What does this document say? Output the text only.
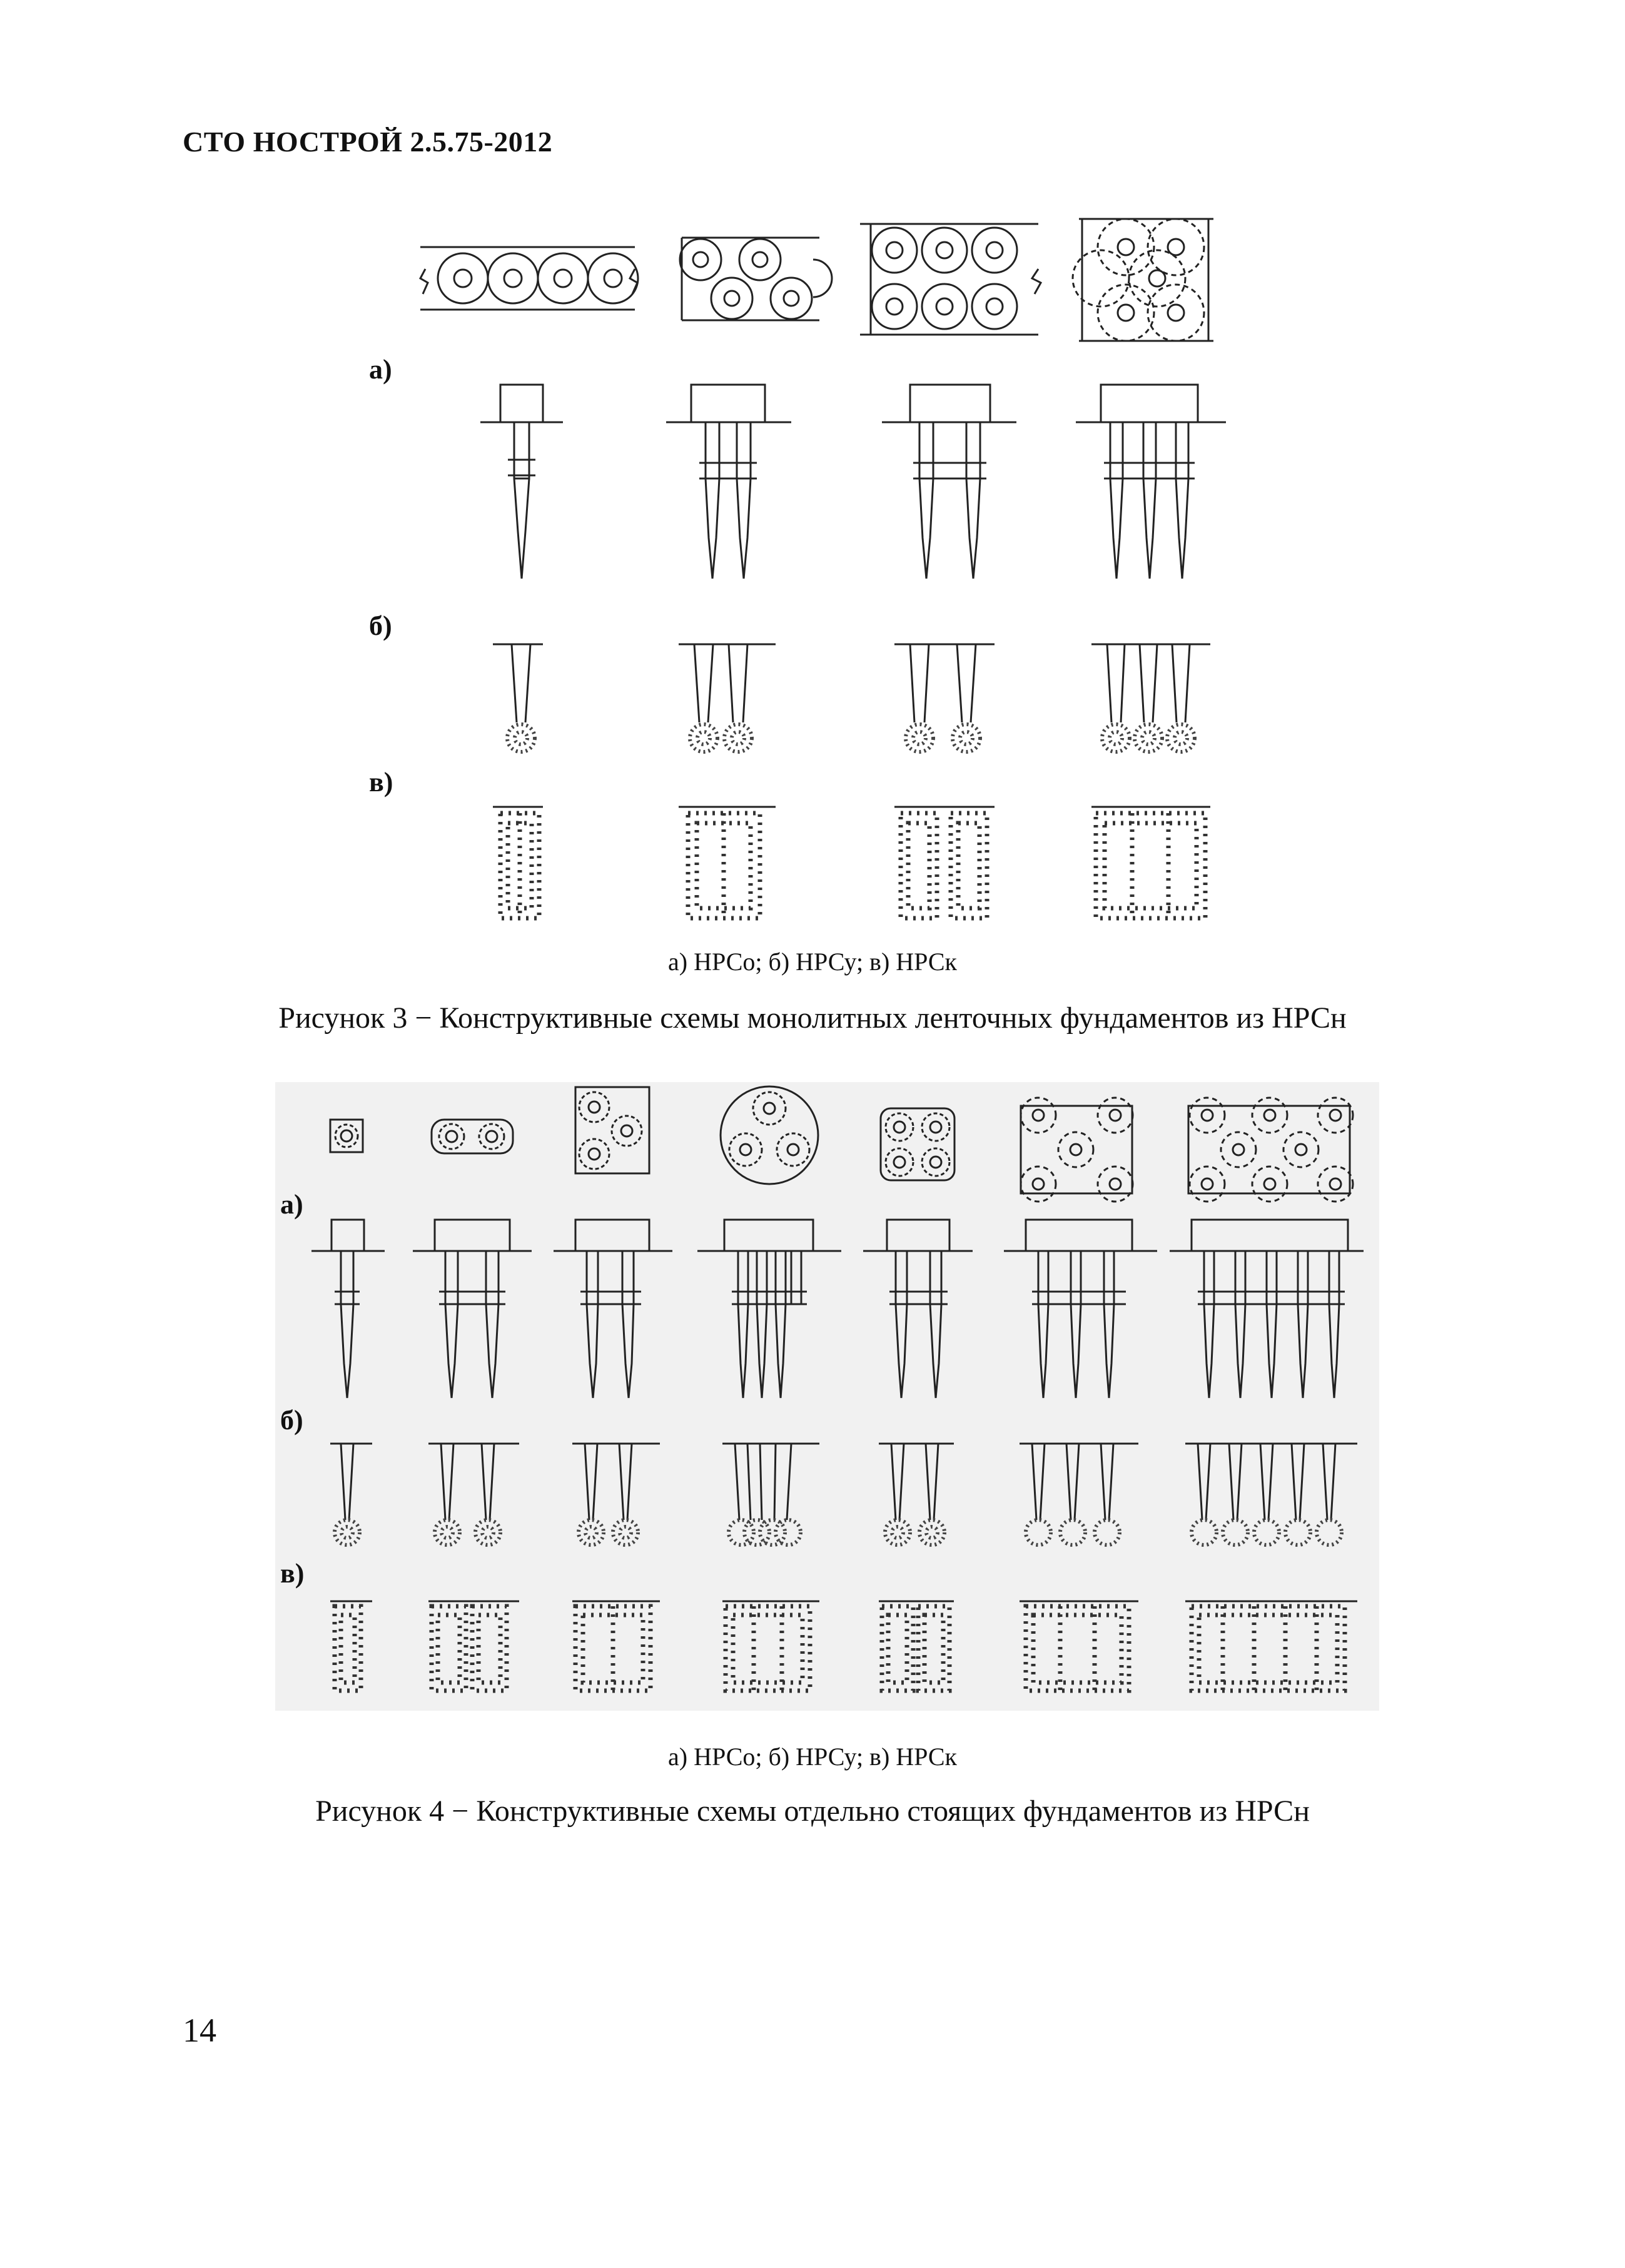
СТО НОСТРОЙ 2.5.75-2012
а)
б)
в)
а) НРСо; б) НРСу; в) НРСк
Рисунок 3 − Конструктивные схемы монолитных ленточных фундаментов из НРСн
а)
б)
в)
а) НРСо; б) НРСу; в) НРСк
Рисунок 4 − Конструктивные схемы отдельно стоящих фундаментов из НРСн
14
